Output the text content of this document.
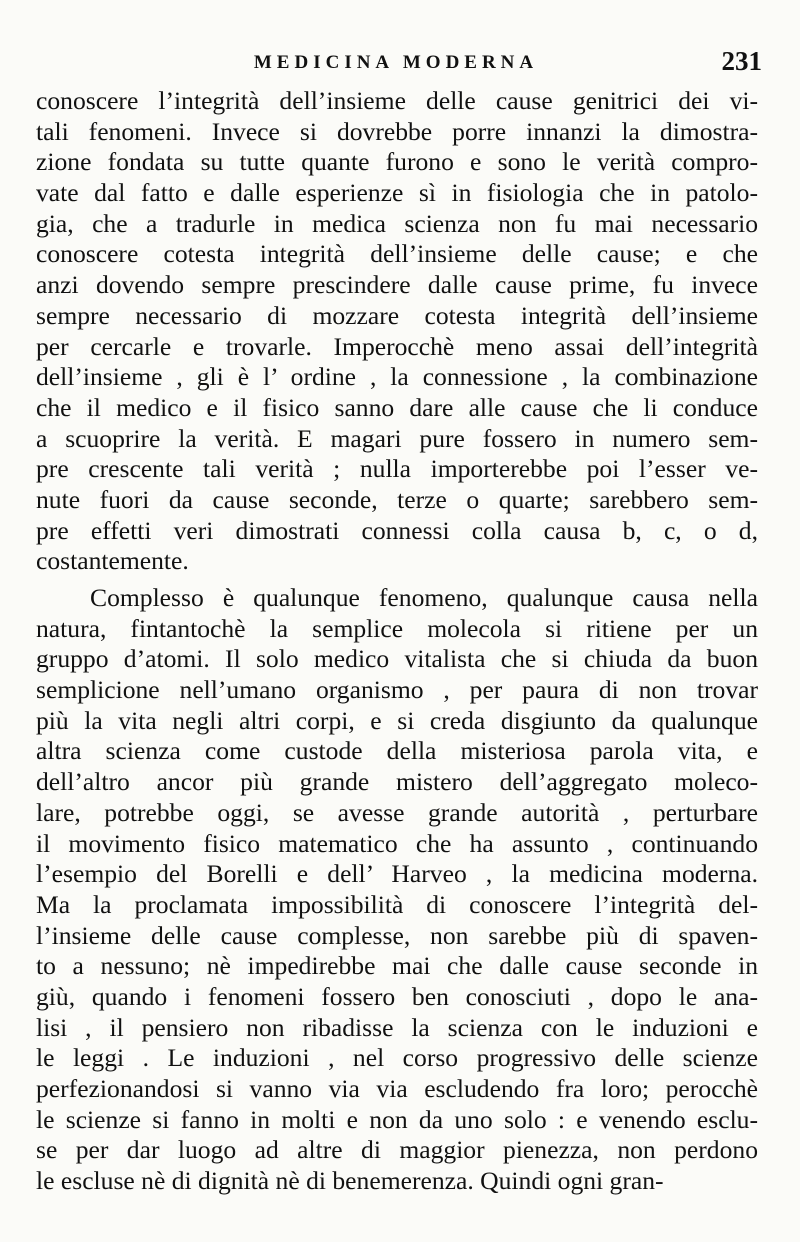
MEDICINA MODERNA	231
conoscere l’integrità dell’insieme delle cause genitrici dei vi-
tali fenomeni. Invece si dovrebbe porre innanzi la dimostra-
zione fondata su tutte quante furono e sono le verità compro-
vate dal fatto e dalle esperienze sì in fisiologia che in patolo-
gia, che a tradurle in medica scienza non fu mai necessario
conoscere cotesta integrità dell’insieme delle cause; e che
anzi dovendo sempre prescindere dalle cause prime, fu invece
sempre necessario di mozzare cotesta integrità dell’insieme
per cercarle e trovarle. Imperocchè meno assai dell’integrità
dell’insieme , gli è l’ ordine , la connessione , la combinazione
che il medico e il fisico sanno dare alle cause che li conduce
a scuoprire la verità. E magari pure fossero in numero sem-
pre crescente tali verità ; nulla importerebbe poi l’esser ve-
nute fuori da cause seconde, terze o quarte; sarebbero sem-
pre effetti veri dimostrati connessi colla causa b, c, o d,
costantemente.
Complesso è qualunque fenomeno, qualunque causa nella
natura, fintantochè la semplice molecola si ritiene per un
gruppo d’atomi. Il solo medico vitalista che si chiuda da buon
semplicione nell’umano organismo , per paura di non trovar
più la vita negli altri corpi, e si creda disgiunto da qualunque
altra scienza come custode della misteriosa parola vita, e
dell’altro ancor più grande mistero dell’aggregato moleco-
lare, potrebbe oggi, se avesse grande autorità , perturbare
il movimento fisico matematico che ha assunto , continuando
l’esempio del Borelli e dell’ Harveo , la medicina moderna.
Ma la proclamata impossibilità di conoscere l’integrità del-
l’insieme delle cause complesse, non sarebbe più di spaven-
to a nessuno; nè impedirebbe mai che dalle cause seconde in
giù, quando i fenomeni fossero ben conosciuti , dopo le ana-
lisi , il pensiero non ribadisse la scienza con le induzioni e
le leggi . Le induzioni , nel corso progressivo delle scienze
perfezionandosi si vanno via via escludendo fra loro; perocchè
le scienze si fanno in molti e non da uno solo : e venendo esclu-
se per dar luogo ad altre di maggior pienezza, non perdono
le escluse nè di dignità nè di benemerenza. Quindi ogni gran-
